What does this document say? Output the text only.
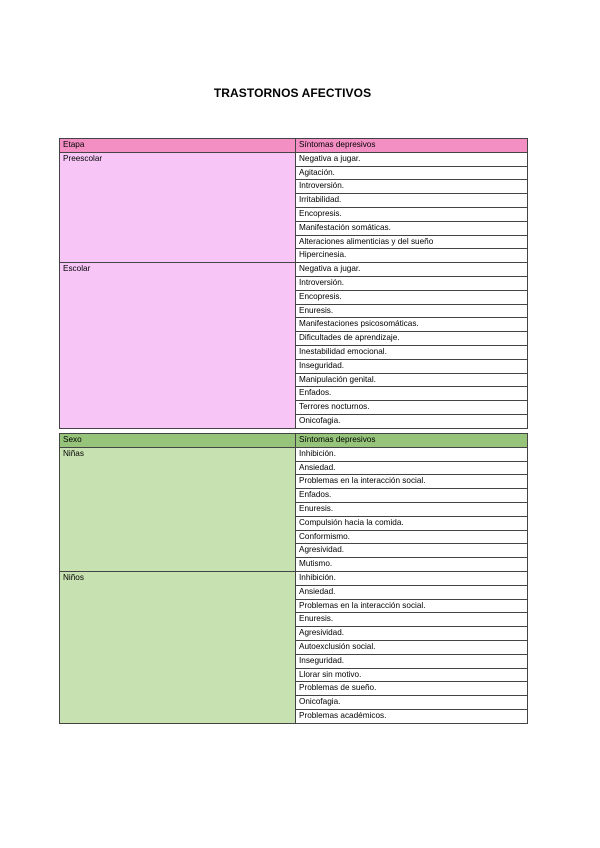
TRASTORNOS AFECTIVOS
Etapa	Síntomas depresivos
Preescolar	Negativa a jugar.
	Agitación.
	Introversión.
	Irritabilidad.
	Encopresis.
	Manifestación somáticas.
	Alteraciones alimenticias y del sueño
	Hipercinesia.
Escolar	Negativa a jugar.
	Introversión.
	Encopresis.
	Enuresis.
	Manifestaciones psicosomáticas.
	Dificultades de aprendizaje.
	Inestabilidad emocional.
	Inseguridad.
	Manipulación genital.
	Enfados.
	Terrores nocturnos.
	Onicofagia.
Sexo	Síntomas depresivos
Niñas	Inhibición.
	Ansiedad.
	Problemas en la interacción social.
	Enfados.
	Enuresis.
	Compulsión hacia la comida.
	Conformismo.
	Agresividad.
	Mutismo.
Niños	Inhibición.
	Ansiedad.
	Problemas en la interacción social.
	Enuresis.
	Agresividad.
	Autoexclusión social.
	Inseguridad.
	Llorar sin motivo.
	Problemas de sueño.
	Onicofagia.
	Problemas académicos.
